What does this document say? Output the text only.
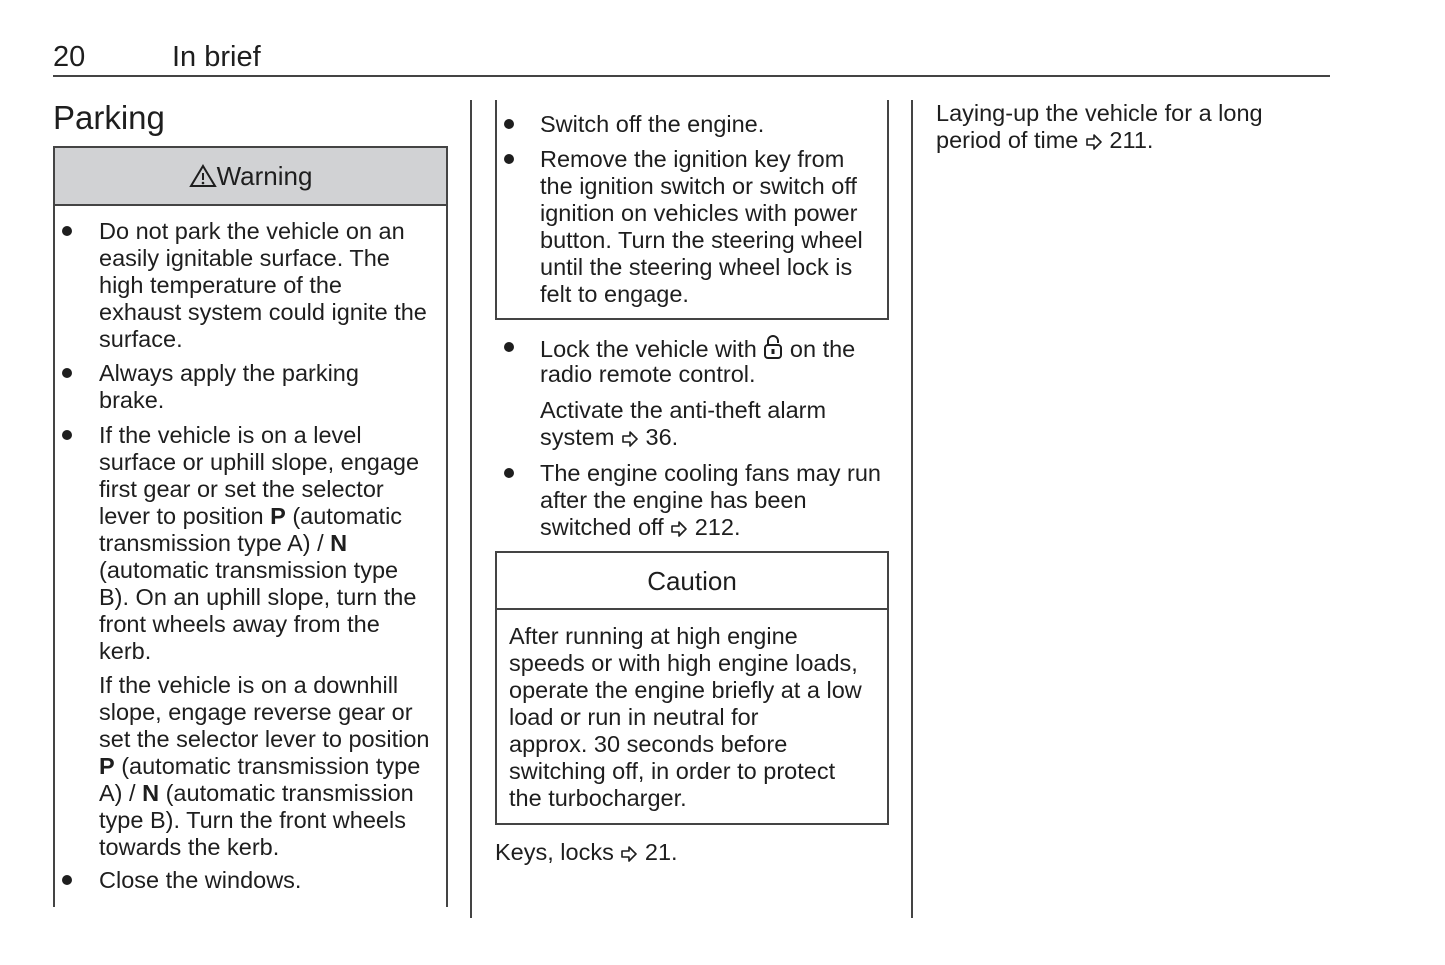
20	In brief
Parking
Warning
Do not park the vehicle on an
easily ignitable surface. The
high temperature of the
exhaust system could ignite the
surface.
Always apply the parking
brake.
If the vehicle is on a level
surface or uphill slope, engage
first gear or set the selector
lever to position P (automatic
transmission type A) / N
(automatic transmission type
B). On an uphill slope, turn the
front wheels away from the
kerb.
If the vehicle is on a downhill
slope, engage reverse gear or
set the selector lever to position
P (automatic transmission type
A) / N (automatic transmission
type B). Turn the front wheels
towards the kerb.
Close the windows.
Switch off the engine.
Remove the ignition key from
the ignition switch or switch off
ignition on vehicles with power
button. Turn the steering wheel
until the steering wheel lock is
felt to engage.
Lock the vehicle with  on the
radio remote control.
Activate the anti-theft alarm
system  36.
The engine cooling fans may run
after the engine has been
switched off  212.
Caution
After running at high engine
speeds or with high engine loads,
operate the engine briefly at a low
load or run in neutral for
approx. 30 seconds before
switching off, in order to protect
the turbocharger.
Keys, locks  21.
Laying-up the vehicle for a long
period of time  211.
